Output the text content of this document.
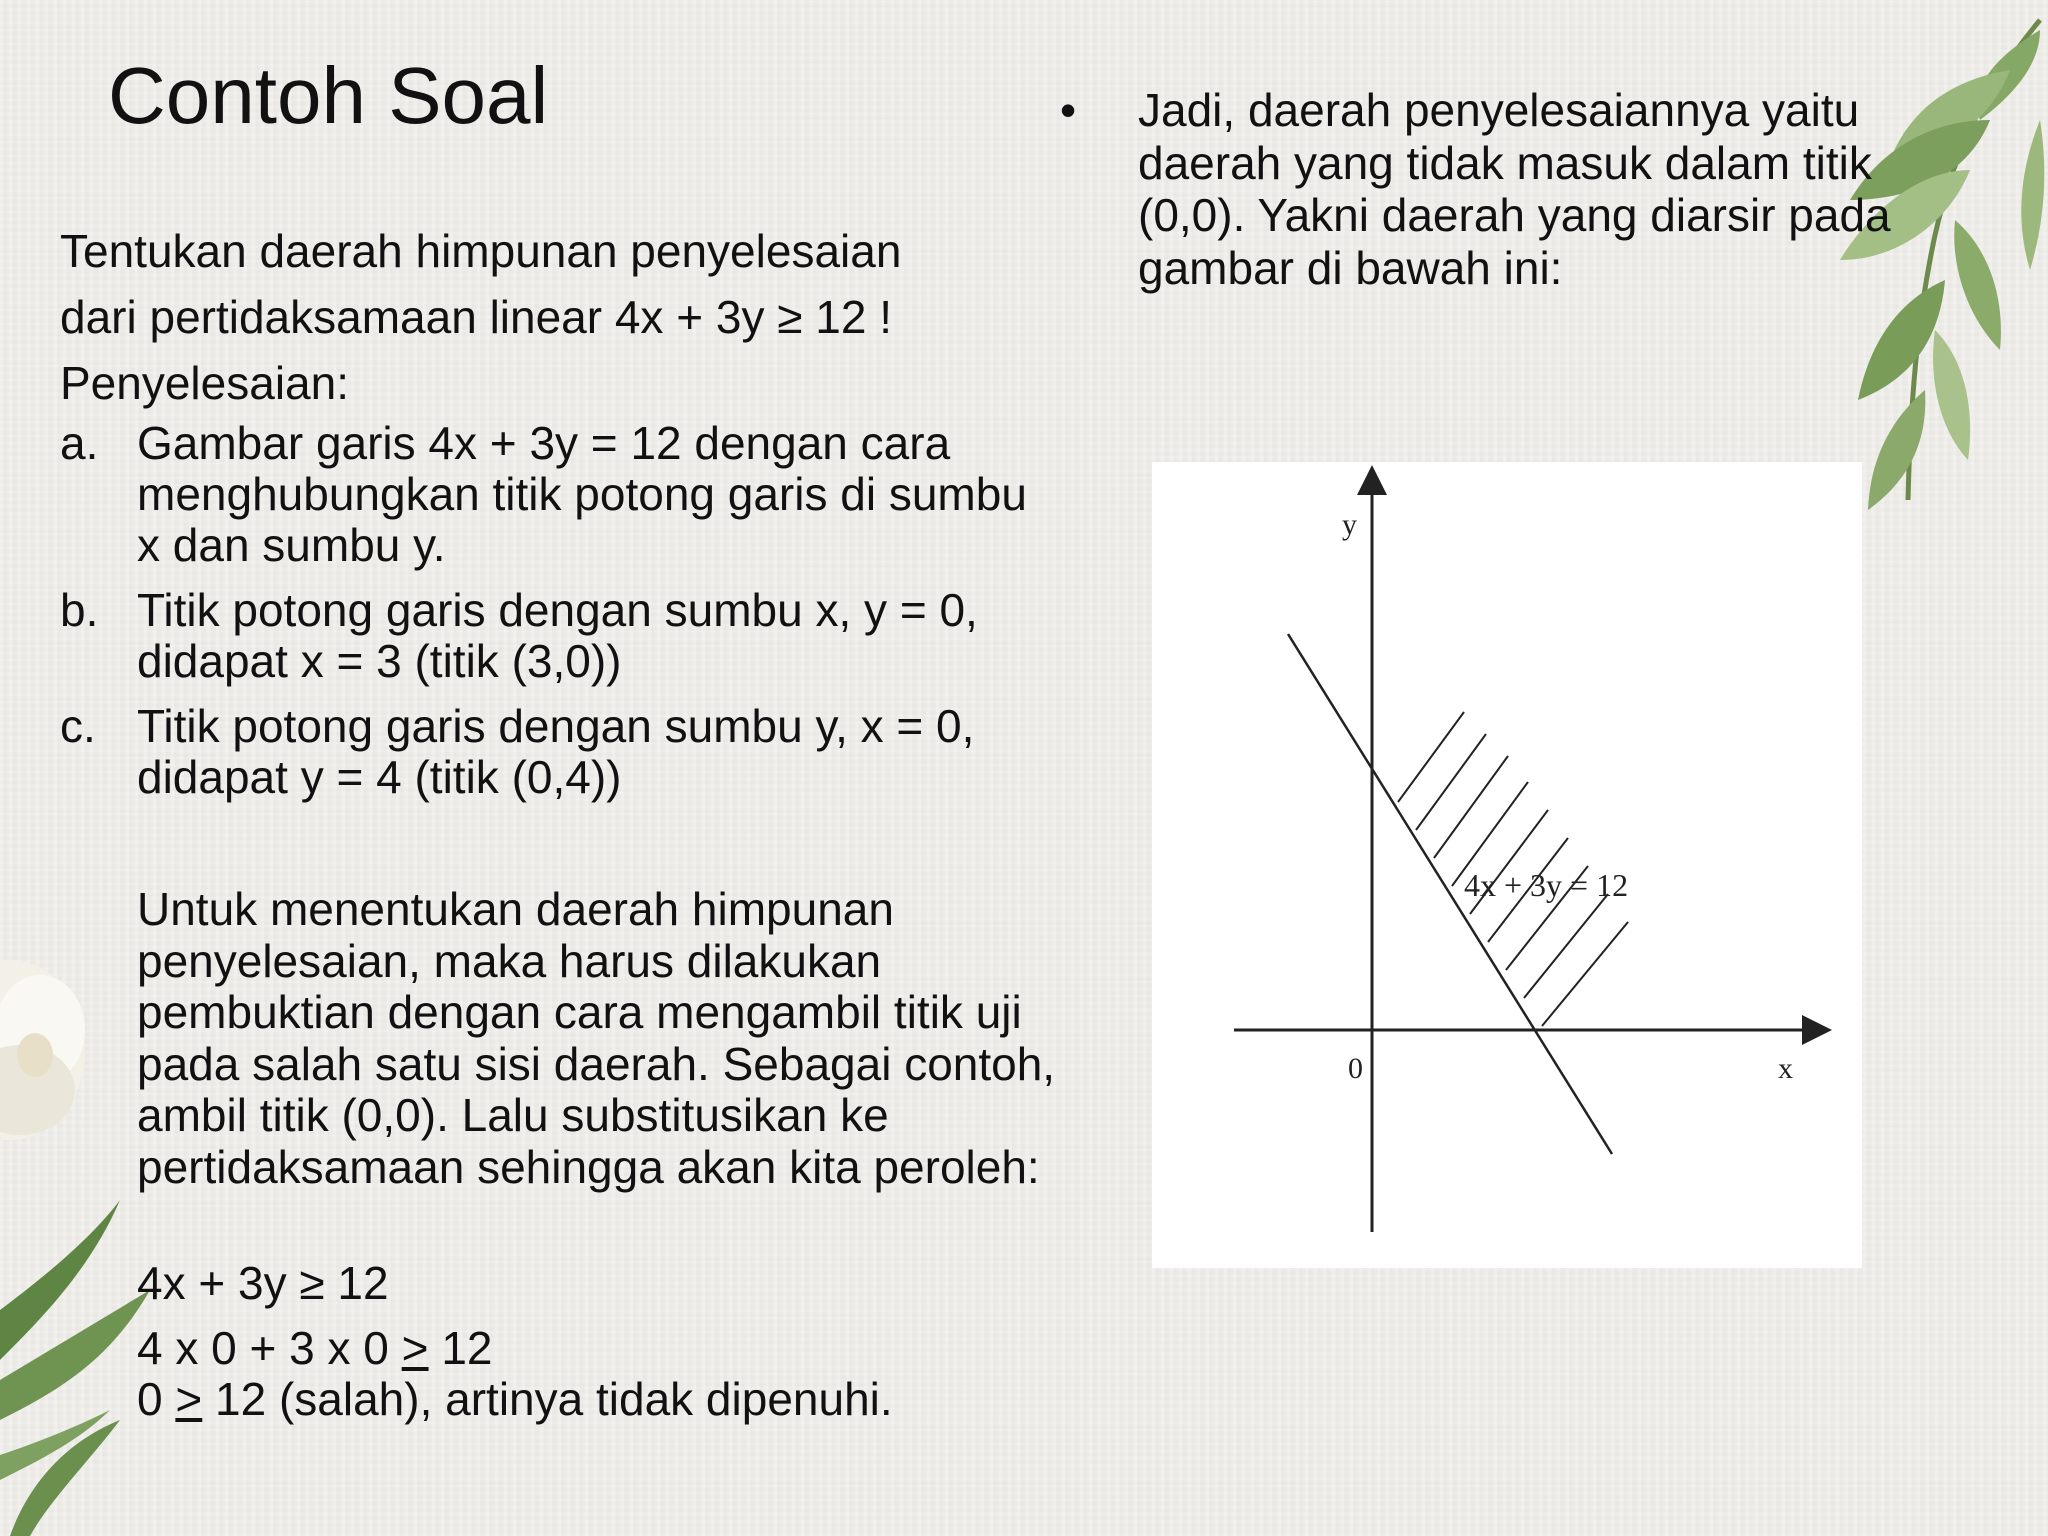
Contoh Soal
Tentukan daerah himpunan penyelesaian
dari pertidaksamaan linear 4x + 3y ≥ 12 !
Penyelesaian:
a. Gambar garis 4x + 3y = 12 dengan cara menghubungkan titik potong garis di sumbu x dan sumbu y.
b. Titik potong garis dengan sumbu x, y = 0, didapat x = 3 (titik (3,0))
c. Titik potong garis dengan sumbu y, x = 0, didapat y = 4 (titik (0,4))
Untuk menentukan daerah himpunan penyelesaian, maka harus dilakukan pembuktian dengan cara mengambil titik uji pada salah satu sisi daerah. Sebagai contoh, ambil titik (0,0). Lalu substitusikan ke pertidaksamaan sehingga akan kita peroleh:
4x + 3y ≥ 12
4 x 0 + 3 x 0 > 12
0 > 12 (salah), artinya tidak dipenuhi.
• Jadi, daerah penyelesaiannya yaitu daerah yang tidak masuk dalam titik (0,0). Yakni daerah yang diarsir pada gambar di bawah ini:
y
x
0
4x + 3y = 12
